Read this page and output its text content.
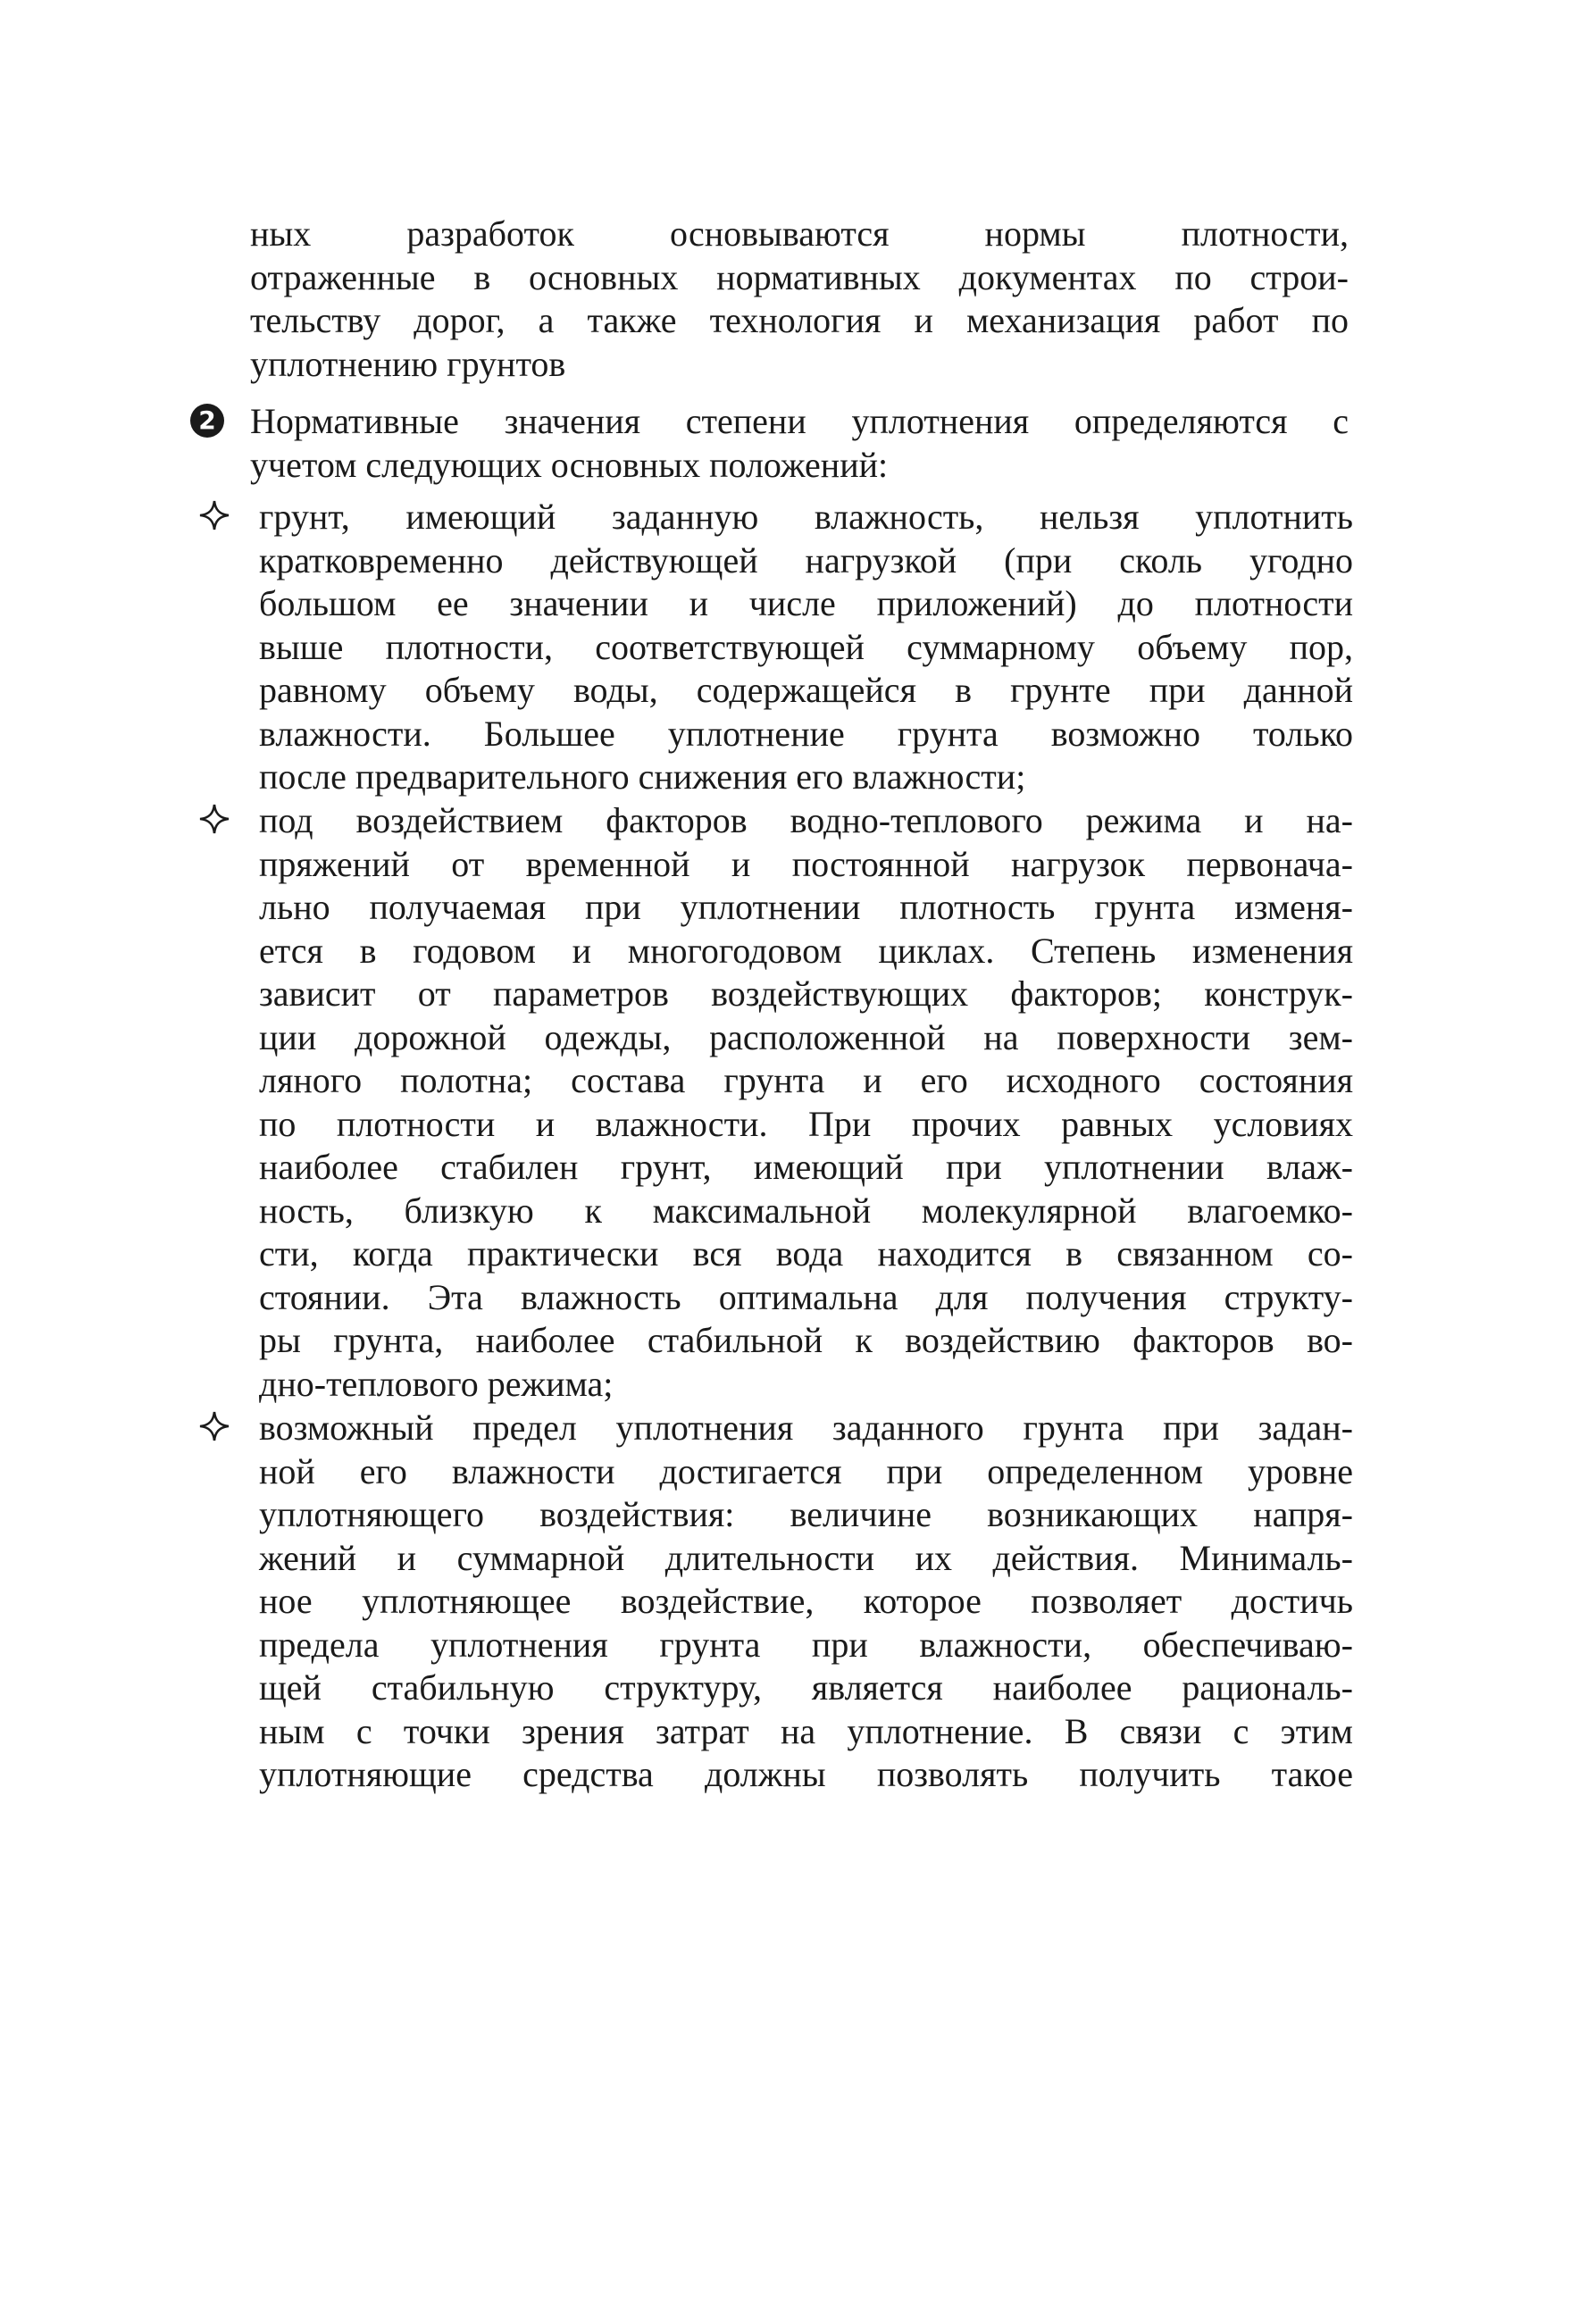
ных разработок основываются нормы плотности,
отраженные в основных нормативных документах по строи-
тельству дорог, а также технология и механизация работ по
уплотнению грунтов
2 Нормативные значения степени уплотнения определяются с
учетом следующих основных положений:
грунт, имеющий заданную влажность, нельзя уплотнить
кратковременно действующей нагрузкой (при сколь угодно
большом ее значении и числе приложений) до плотности
выше плотности, соответствующей суммарному объему пор,
равному объему воды, содержащейся в грунте при данной
влажности. Большее уплотнение грунта возможно только
после предварительного снижения его влажности;
под воздействием факторов водно-теплового режима и на-
пряжений от временной и постоянной нагрузок первонача-
льно получаемая при уплотнении плотность грунта изменя-
ется в годовом и многогодовом циклах. Степень изменения
зависит от параметров воздействующих факторов; конструк-
ции дорожной одежды, расположенной на поверхности зем-
ляного полотна; состава грунта и его исходного состояния
по плотности и влажности. При прочих равных условиях
наиболее стабилен грунт, имеющий при уплотнении влаж-
ность, близкую к максимальной молекулярной влагоемко-
сти, когда практически вся вода находится в связанном со-
стоянии. Эта влажность оптимальна для получения структу-
ры грунта, наиболее стабильной к воздействию факторов во-
дно-теплового режима;
возможный предел уплотнения заданного грунта при задан-
ной его влажности достигается при определенном уровне
уплотняющего воздействия: величине возникающих напря-
жений и суммарной длительности их действия. Минималь-
ное уплотняющее воздействие, которое позволяет достичь
предела уплотнения грунта при влажности, обеспечиваю-
щей стабильную структуру, является наиболее рациональ-
ным с точки зрения затрат на уплотнение. В связи с этим
уплотняющие средства должны позволять получить такое
